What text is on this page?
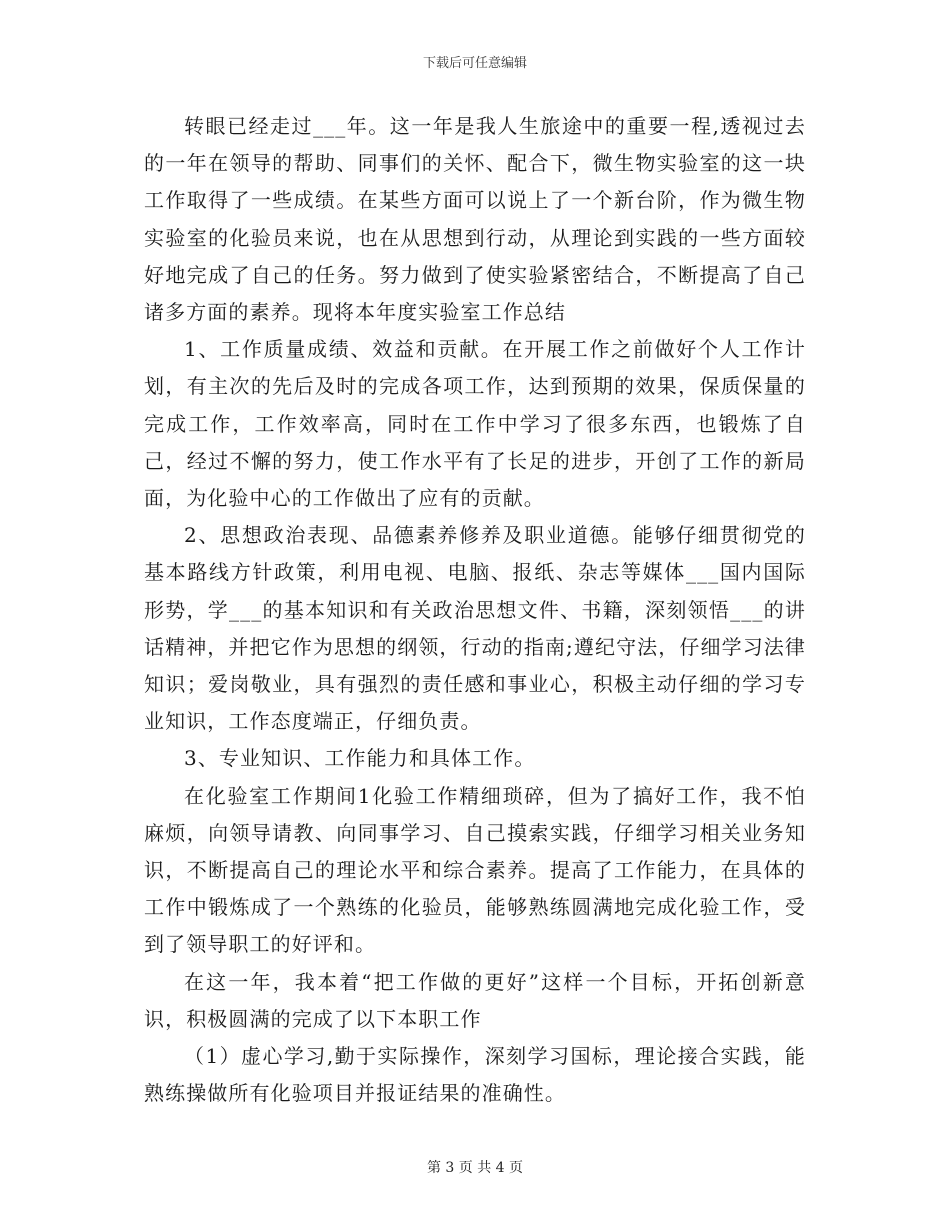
下载后可任意编辑

转眼已经走过___年。这一年是我人生旅途中的重要一程,透视过去的一年在领导的帮助、同事们的关怀、配合下，微生物实验室的这一块工作取得了一些成绩。在某些方面可以说上了一个新台阶，作为微生物实验室的化验员来说，也在从思想到行动，从理论到实践的一些方面较好地完成了自己的任务。努力做到了使实验紧密结合，不断提高了自己诸多方面的素养。现将本年度实验室工作总结

1、工作质量成绩、效益和贡献。在开展工作之前做好个人工作计划，有主次的先后及时的完成各项工作，达到预期的效果，保质保量的完成工作，工作效率高，同时在工作中学习了很多东西，也锻炼了自己，经过不懈的努力，使工作水平有了长足的进步，开创了工作的新局面，为化验中心的工作做出了应有的贡献。

2、思想政治表现、品德素养修养及职业道德。能够仔细贯彻党的基本路线方针政策，利用电视、电脑、报纸、杂志等媒体___国内国际形势，学___的基本知识和有关政治思想文件、书籍，深刻领悟___的讲话精神，并把它作为思想的纲领，行动的指南;遵纪守法，仔细学习法律知识；爱岗敬业，具有强烈的责任感和事业心，积极主动仔细的学习专业知识，工作态度端正，仔细负责。

3、专业知识、工作能力和具体工作。

在化验室工作期间1化验工作精细琐碎，但为了搞好工作，我不怕麻烦，向领导请教、向同事学习、自己摸索实践，仔细学习相关业务知识，不断提高自己的理论水平和综合素养。提高了工作能力，在具体的工作中锻炼成了一个熟练的化验员，能够熟练圆满地完成化验工作，受到了领导职工的好评和。

在这一年，我本着“把工作做的更好”这样一个目标，开拓创新意识，积极圆满的完成了以下本职工作

（1）虚心学习,勤于实际操作，深刻学习国标，理论接合实践，能熟练操做所有化验项目并报证结果的准确性。

第 3 页 共 4 页
